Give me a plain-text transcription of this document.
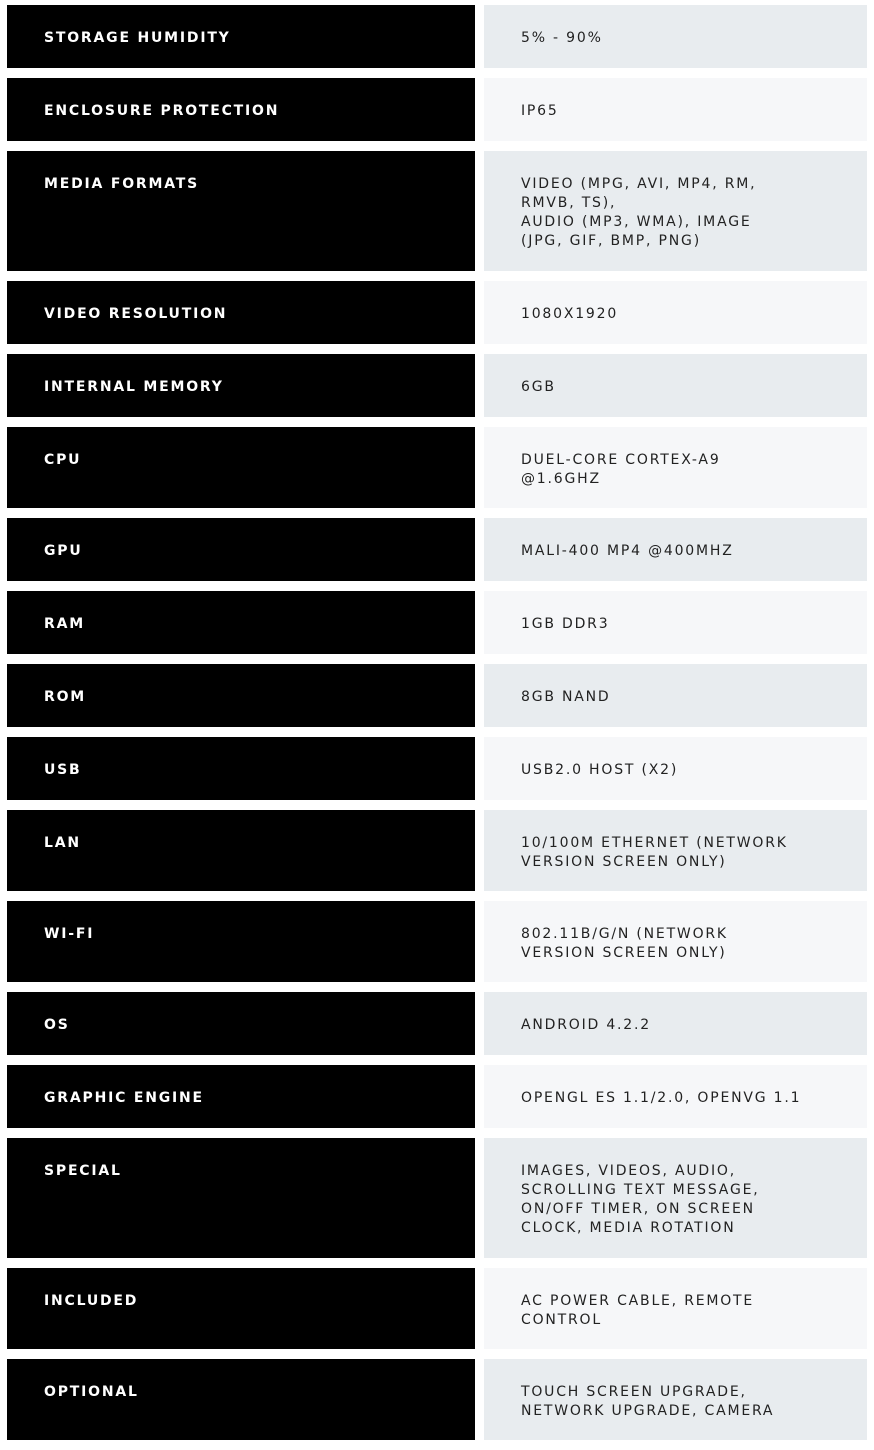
STORAGE HUMIDITY	5% - 90%
ENCLOSURE PROTECTION	IP65
MEDIA FORMATS	VIDEO (MPG, AVI, MP4, RM,
RMVB, TS),
AUDIO (MP3, WMA), IMAGE
(JPG, GIF, BMP, PNG)
VIDEO RESOLUTION	1080X1920
INTERNAL MEMORY	6GB
CPU	DUEL-CORE CORTEX-A9
@1.6GHZ
GPU	MALI-400 MP4 @400MHZ
RAM	1GB DDR3
ROM	8GB NAND
USB	USB2.0 HOST (X2)
LAN	10/100M ETHERNET (NETWORK
VERSION SCREEN ONLY)
WI-FI	802.11B/G/N (NETWORK
VERSION SCREEN ONLY)
OS	ANDROID 4.2.2
GRAPHIC ENGINE	OPENGL ES 1.1/2.0, OPENVG 1.1
SPECIAL	IMAGES, VIDEOS, AUDIO,
SCROLLING TEXT MESSAGE,
ON/OFF TIMER, ON SCREEN
CLOCK, MEDIA ROTATION
INCLUDED	AC POWER CABLE, REMOTE
CONTROL
OPTIONAL	TOUCH SCREEN UPGRADE,
NETWORK UPGRADE, CAMERA
